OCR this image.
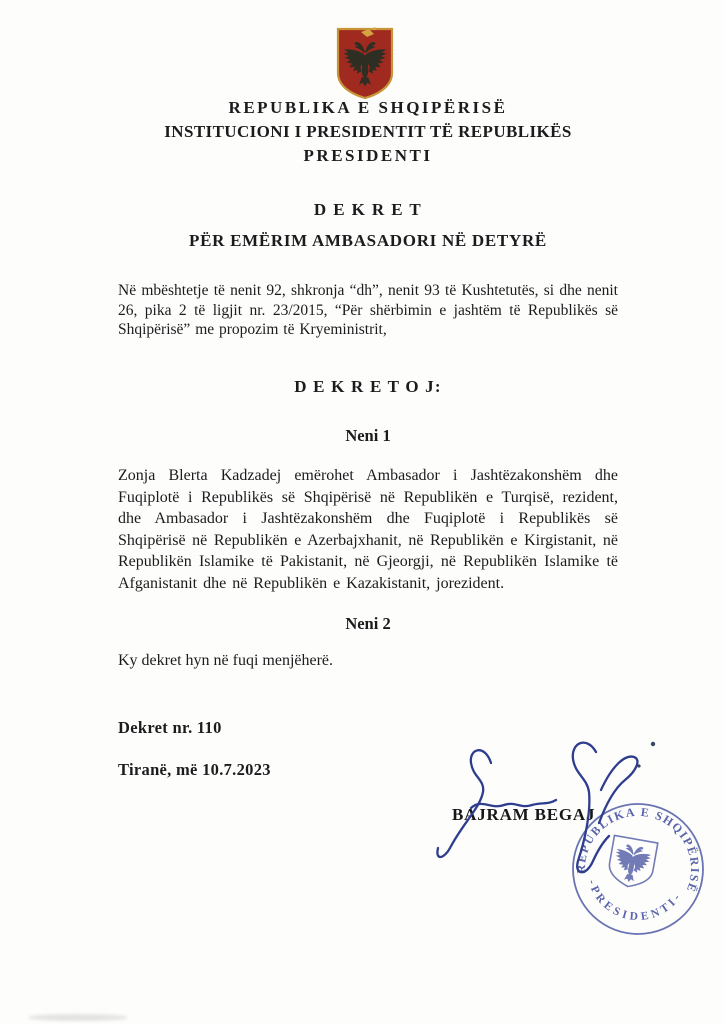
REPUBLIKA E SHQIPËRISË
INSTITUCIONI I PRESIDENTIT TË REPUBLIKËS
PRESIDENTI
D E K R E T
PËR EMËRIM AMBASADORI NË DETYRË
Në mbështetje të nenit 92, shkronja “dh”, nenit 93 të Kushtetutës, si dhe nenit 26, pika 2 të ligjit nr. 23/2015, “Për shërbimin e jashtëm të Republikës së Shqipërisë” me propozim të Kryeministrit,
D E K R E T O J:
Neni 1
Zonja Blerta Kadzadej emërohet Ambasador i Jashtëzakonshëm dhe Fuqiplotë i Republikës së Shqipërisë në Republikën e Turqisë, rezident, dhe Ambasador i Jashtëzakonshëm dhe Fuqiplotë i Republikës së Shqipërisë në Republikën e Azerbajxhanit, në Republikën e Kirgistanit, në Republikën Islamike të Pakistanit, në Gjeorgji, në Republikën Islamike të Afganistanit dhe në Republikën e Kazakistanit, jorezident.
Neni 2
Ky dekret hyn në fuqi menjëherë.
Dekret nr. 110
Tiranë, më 10.7.2023
REPUBLIKA E SHQIPËRISË
- P R E S I D E N T I -
BAJRAM BEGAJ
